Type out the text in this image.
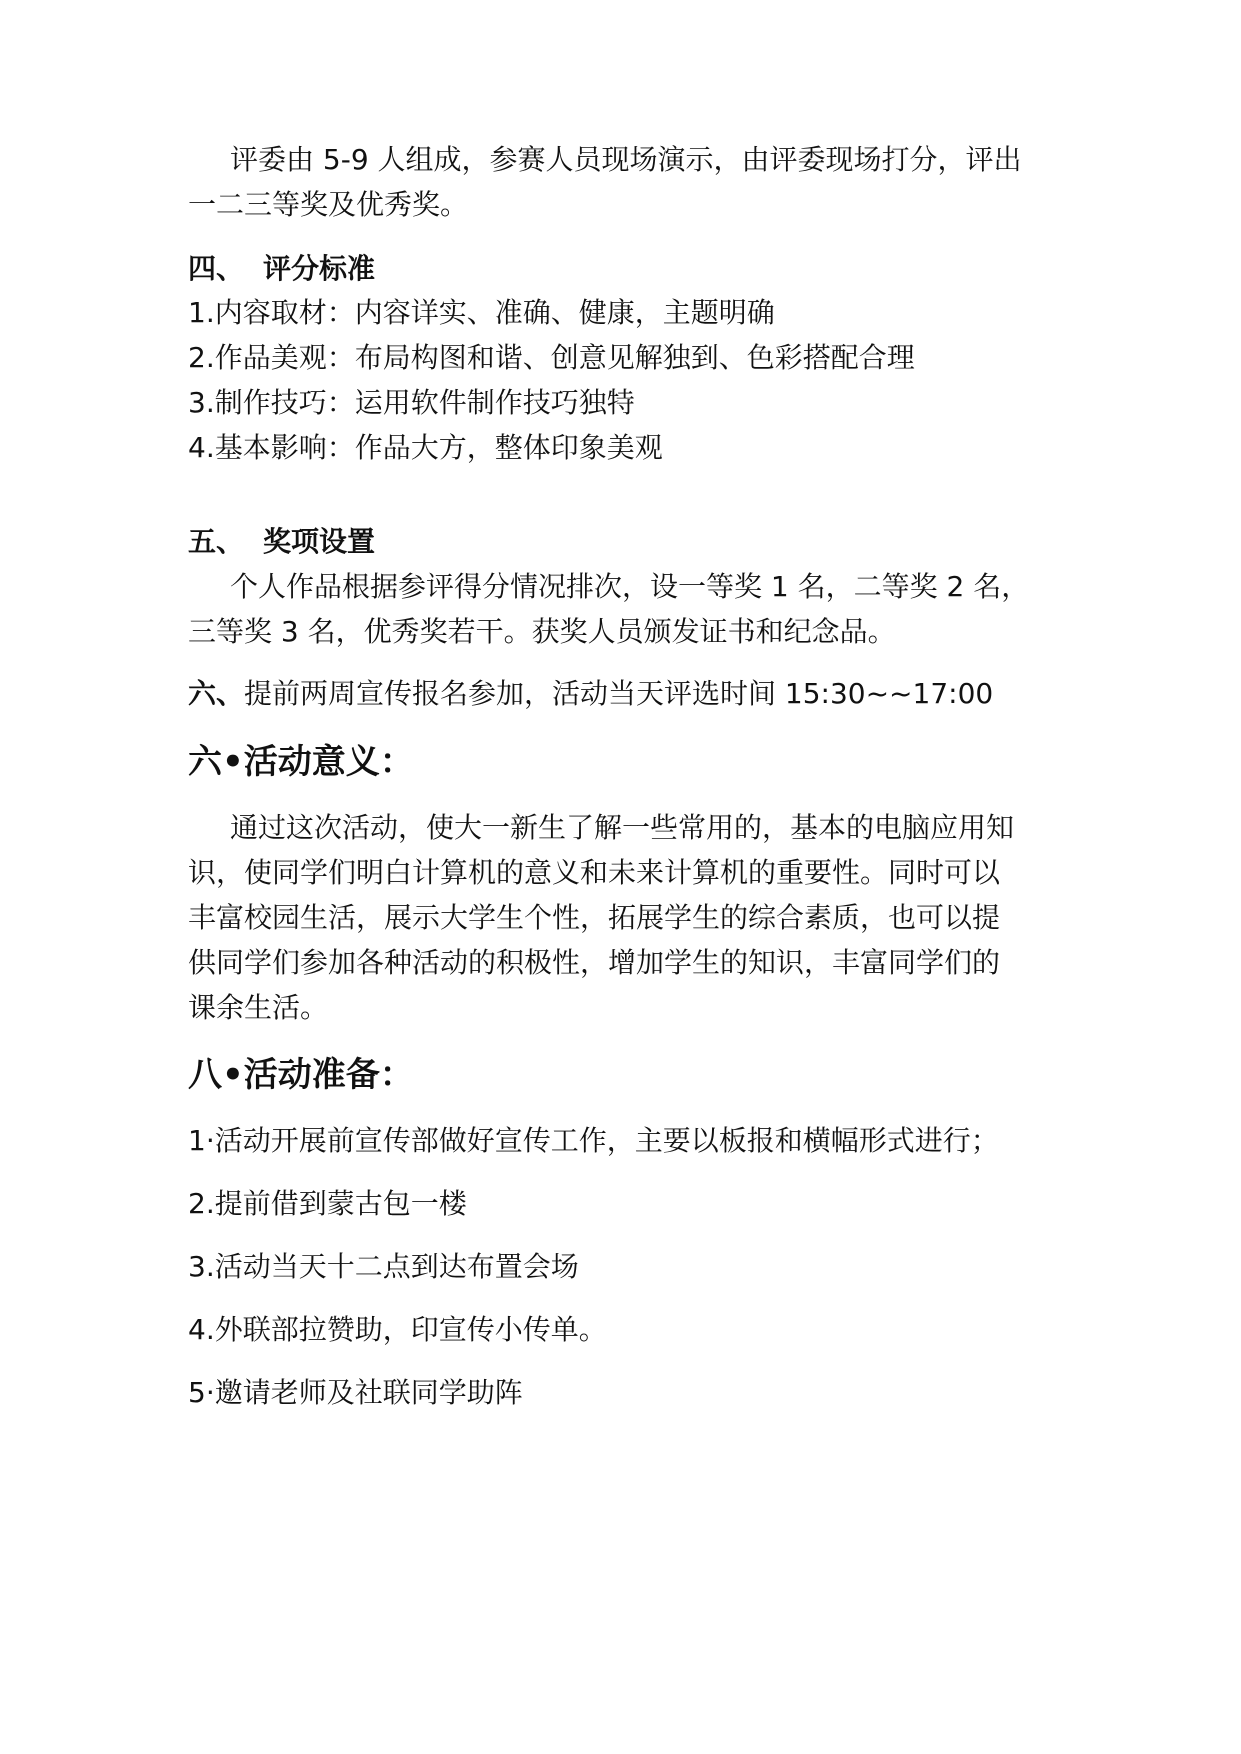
评委由 5-9 人组成，参赛人员现场演示，由评委现场打分，评出
一二三等奖及优秀奖。
四、 评分标准
1.内容取材：内容详实、准确、健康，主题明确
2.作品美观：布局构图和谐、创意见解独到、色彩搭配合理
3.制作技巧：运用软件制作技巧独特
4.基本影响：作品大方，整体印象美观
五、 奖项设置
个人作品根据参评得分情况排次，设一等奖 1 名，二等奖 2 名，
三等奖 3 名，优秀奖若干。获奖人员颁发证书和纪念品。
六、提前两周宣传报名参加，活动当天评选时间 15:30~~17:00
六•活动意义：
通过这次活动，使大一新生了解一些常用的，基本的电脑应用知
识，使同学们明白计算机的意义和未来计算机的重要性。同时可以
丰富校园生活，展示大学生个性，拓展学生的综合素质，也可以提
供同学们参加各种活动的积极性，增加学生的知识，丰富同学们的
课余生活。
八•活动准备：
1·活动开展前宣传部做好宣传工作，主要以板报和横幅形式进行；
2.提前借到蒙古包一楼
3.活动当天十二点到达布置会场
4.外联部拉赞助，印宣传小传单。
5·邀请老师及社联同学助阵
